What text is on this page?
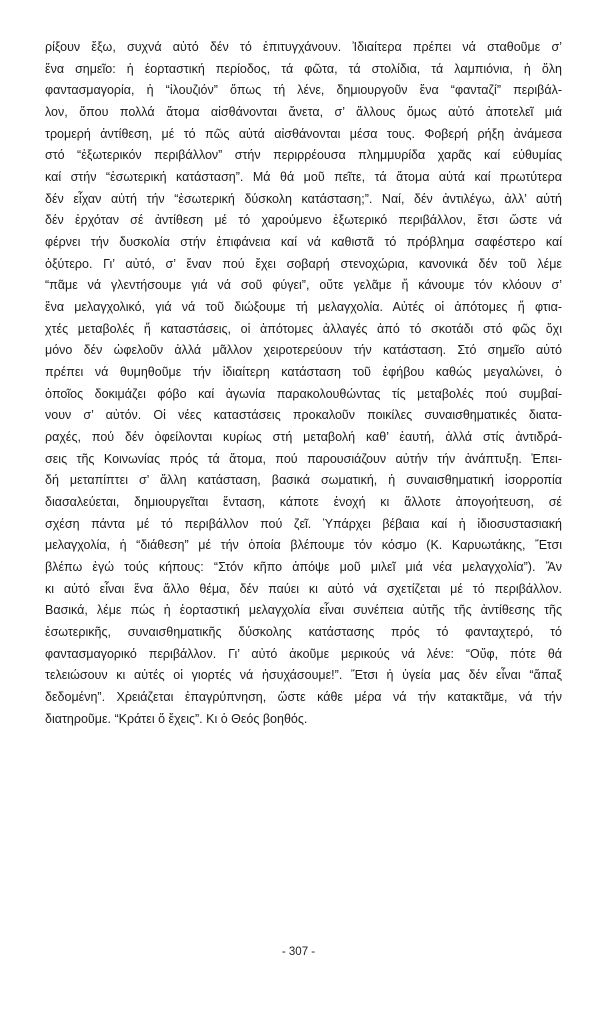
ρίξουν ἔξω, συχνά αὐτό δέν τό ἐπιτυγχάνουν. Ἰδιαίτερα πρέπει νά σταθοῦμε σ’
ἕνα σημεῖο: ἡ ἑορταστική περίοδος, τά φῶτα, τά στολίδια, τά λαμπιόνια, ἡ ὅλη
φαντασμαγορία, ἡ “ἰλουζιόν” ὅπως τή λένε, δημιουργοῦν ἕνα “φανταζί” περιβάλ-
λον, ὅπου πολλά ἄτομα αἰσθάνονται ἄνετα, σ’ ἄλλους ὅμως αὐτό ἀποτελεῖ μιά
τρομερή ἀντίθεση, μέ τό πῶς αὐτά αἰσθάνονται μέσα τους. Φοβερή ρήξη ἀνάμεσα
στό “ἐξωτερικόν περιβάλλον” στήν περιρρέουσα πλημμυρίδα χαρᾶς καί εὐθυμίας
καί στήν “ἐσωτερική κατάσταση”. Μά θά μοῦ πεῖτε, τά ἄτομα αὐτά καί πρωτύτερα
δέν εἶχαν αὐτή τήν “ἐσωτερική δύσκολη κατάσταση;”. Ναί, δέν ἀντιλέγω, ἀλλ’ αὐτή
δέν ἐρχόταν σέ ἀντίθεση μέ τό χαρούμενο ἐξωτερικό περιβάλλον, ἔτσι ὥστε νά
φέρνει τήν δυσκολία στήν ἐπιφάνεια καί νά καθιστᾶ τό πρόβλημα σαφέστερο καί
ὀξύτερο. Γι’ αὐτό, σ’ ἕναν πού ἔχει σοβαρή στενοχώρια, κανονικά δέν τοῦ λέμε
“πᾶμε νά γλεντήσουμε γιά νά σοῦ φύγει”, οὔτε γελᾶμε ἤ κάνουμε τόν κλόουν σ’
ἕνα μελαγχολικό, γιά νά τοῦ διώξουμε τή μελαγχολία. Αὐτές οἱ ἀπότομες ἤ φτια-
χτές μεταβολές ἤ καταστάσεις, οἱ ἀπότομες ἀλλαγές ἀπό τό σκοτάδι στό φῶς ὄχι
μόνο δέν ὠφελοῦν ἀλλά μᾶλλον χειροτερεύουν τήν κατάσταση. Στό σημεῖο αὐτό
πρέπει νά θυμηθοῦμε τήν ἰδιαίτερη κατάσταση τοῦ ἐφήβου καθώς μεγαλώνει, ὁ
ὁποῖος δοκιμάζει φόβο καί ἀγωνία παρακολουθώντας τίς μεταβολές πού συμβαί-
νουν σ’ αὐτόν. Οἱ νέες καταστάσεις προκαλοῦν ποικίλες συναισθηματικές διατα-
ραχές, πού δέν ὀφείλονται κυρίως στή μεταβολή καθ’ ἑαυτή, ἀλλά στίς ἀντιδρά-
σεις τῆς Κοινωνίας πρός τά ἄτομα, πού παρουσιάζουν αὐτήν τήν ἀνάπτυξη. Ἐπει-
δή μεταπίπτει σ’ ἄλλη κατάσταση, βασικά σωματική, ἡ συναισθηματική ἰσορροπία
διασαλεύεται, δημιουργεῖται ἔνταση, κάποτε ἐνοχή κι ἄλλοτε ἀπογοήτευση, σέ
σχέση πάντα μέ τό περιβάλλον πού ζεῖ. Ὑπάρχει βέβαια καί ἡ ἰδιοσυστασιακή
μελαγχολία, ἡ “διάθεση” μέ τήν ὁποία βλέπουμε τόν κόσμο (Κ. Καρυωτάκης, Ἔτσι
βλέπω ἐγώ τούς κήπους: “Στόν κῆπο ἀπόψε μοῦ μιλεῖ μιά νέα μελαγχολία”). Ἄν
κι αὐτό εἶναι ἕνα ἄλλο θέμα, δέν παύει κι αὐτό νά σχετίζεται μέ τό περιβάλλον.
Βασικά, λέμε πώς ἡ ἑορταστική μελαγχολία εἶναι συνέπεια αὐτῆς τῆς ἀντίθεσης τῆς
ἐσωτερικῆς, συναισθηματικῆς δύσκολης κατάστασης πρός τό φανταχτερό, τό
φαντασμαγορικό περιβάλλον. Γι’ αὐτό ἀκοῦμε μερικούς νά λένε: “Οὔφ, πότε θά
τελειώσουν κι αὐτές οἱ γιορτές νά ἡσυχάσουμε!”. Ἔτσι ἡ ὑγεία μας δέν εἶναι “ἅπαξ
δεδομένη”. Χρειάζεται ἐπαγρύπνηση, ὥστε κάθε μέρα νά τήν κατακτᾶμε, νά τήν
διατηροῦμε. “Κράτει ὅ ἔχεις”. Κι ὁ Θεός βοηθός.
- 307 -
